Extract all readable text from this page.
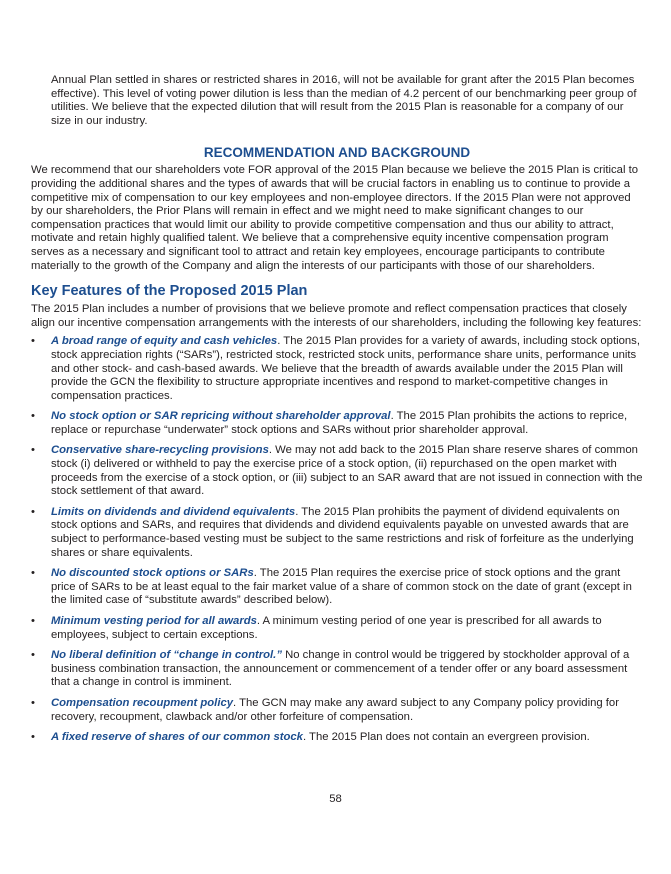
Annual Plan settled in shares or restricted shares in 2016, will not be available for grant after the 2015 Plan becomes effective). This level of voting power dilution is less than the median of 4.2 percent of our benchmarking peer group of utilities. We believe that the expected dilution that will result from the 2015 Plan is reasonable for a company of our size in our industry.
RECOMMENDATION AND BACKGROUND
We recommend that our shareholders vote FOR approval of the 2015 Plan because we believe the 2015 Plan is critical to providing the additional shares and the types of awards that will be crucial factors in enabling us to continue to provide a competitive mix of compensation to our key employees and non-employee directors. If the 2015 Plan were not approved by our shareholders, the Prior Plans will remain in effect and we might need to make significant changes to our compensation practices that would limit our ability to provide competitive compensation and thus our ability to attract, motivate and retain highly qualified talent. We believe that a comprehensive equity incentive compensation program serves as a necessary and significant tool to attract and retain key employees, encourage participants to contribute materially to the growth of the Company and align the interests of our participants with those of our shareholders.
Key Features of the Proposed 2015 Plan
The 2015 Plan includes a number of provisions that we believe promote and reflect compensation practices that closely align our incentive compensation arrangements with the interests of our shareholders, including the following key features:
• A broad range of equity and cash vehicles. The 2015 Plan provides for a variety of awards, including stock options, stock appreciation rights (“SARs”), restricted stock, restricted stock units, performance share units, performance units and other stock- and cash-based awards. We believe that the breadth of awards available under the 2015 Plan will provide the GCN the flexibility to structure appropriate incentives and respond to market-competitive changes in compensation practices.
• No stock option or SAR repricing without shareholder approval. The 2015 Plan prohibits the actions to reprice, replace or repurchase “underwater” stock options and SARs without prior shareholder approval.
• Conservative share-recycling provisions. We may not add back to the 2015 Plan share reserve shares of common stock (i) delivered or withheld to pay the exercise price of a stock option, (ii) repurchased on the open market with proceeds from the exercise of a stock option, or (iii) subject to an SAR award that are not issued in connection with the stock settlement of that award.
• Limits on dividends and dividend equivalents. The 2015 Plan prohibits the payment of dividend equivalents on stock options and SARs, and requires that dividends and dividend equivalents payable on unvested awards that are subject to performance-based vesting must be subject to the same restrictions and risk of forfeiture as the underlying shares or share equivalents.
• No discounted stock options or SARs. The 2015 Plan requires the exercise price of stock options and the grant price of SARs to be at least equal to the fair market value of a share of common stock on the date of grant (except in the limited case of “substitute awards” described below).
• Minimum vesting period for all awards. A minimum vesting period of one year is prescribed for all awards to employees, subject to certain exceptions.
• No liberal definition of “change in control.” No change in control would be triggered by stockholder approval of a business combination transaction, the announcement or commencement of a tender offer or any board assessment that a change in control is imminent.
• Compensation recoupment policy. The GCN may make any award subject to any Company policy providing for recovery, recoupment, clawback and/or other forfeiture of compensation.
• A fixed reserve of shares of our common stock. The 2015 Plan does not contain an evergreen provision.
58
